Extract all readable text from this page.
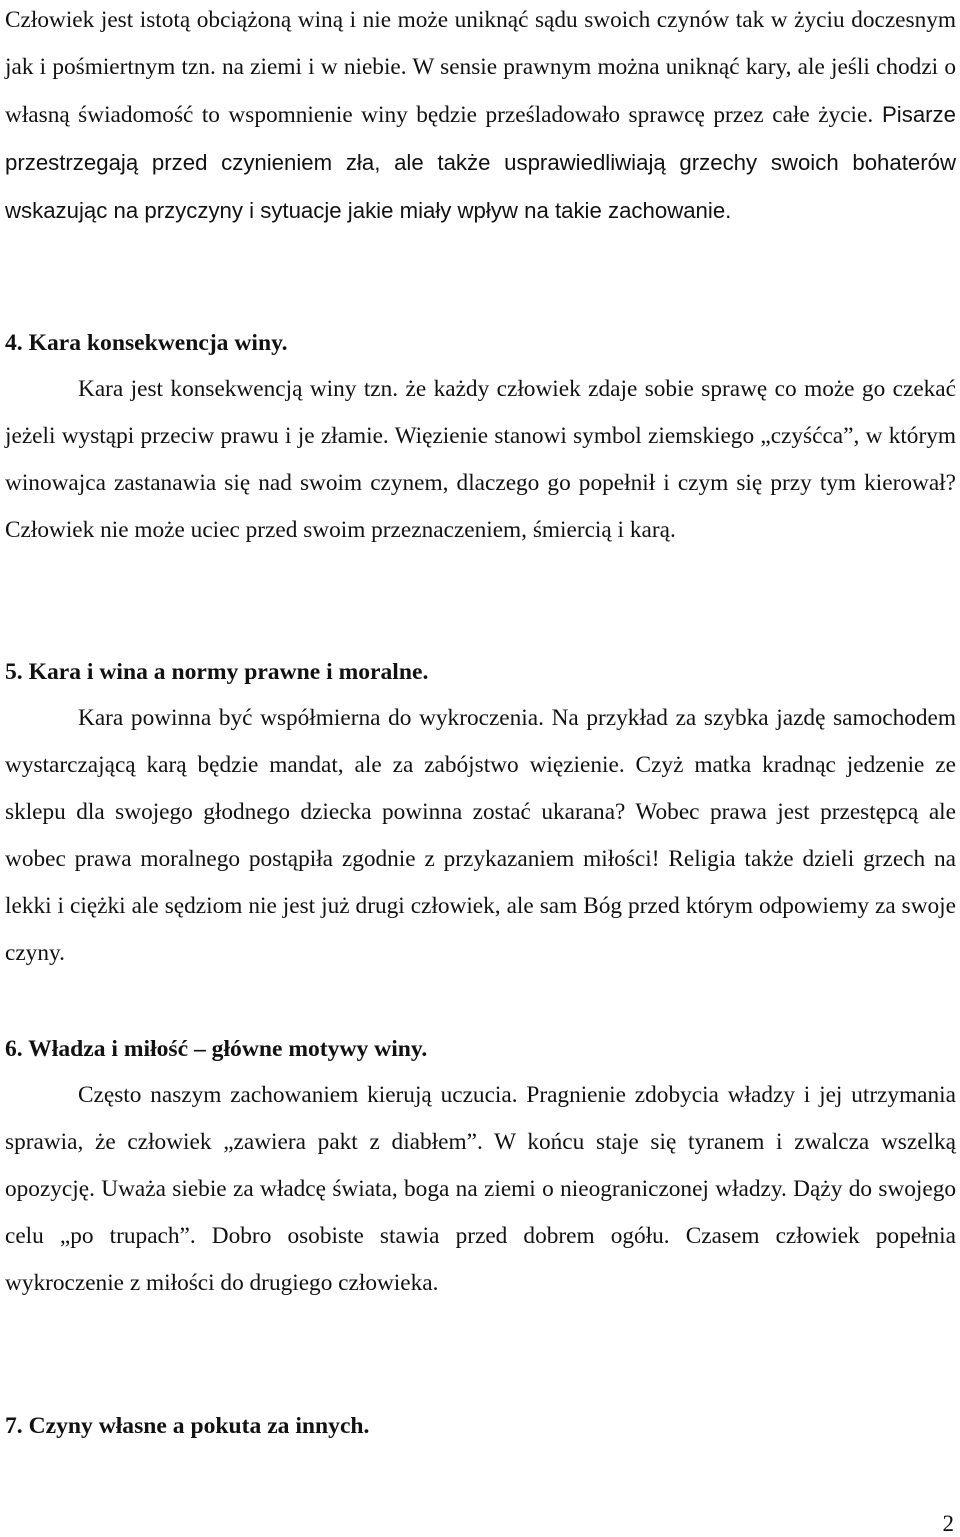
Człowiek jest istotą obciążoną winą i nie może uniknąć sądu swoich czynów tak w życiu doczesnym jak i pośmiertnym tzn. na ziemi i w niebie. W sensie prawnym można uniknąć kary, ale jeśli chodzi o własną świadomość to wspomnienie winy będzie prześladowało sprawcę przez całe życie. Pisarze przestrzegają przed czynieniem zła, ale także usprawiedliwiają grzechy swoich bohaterów wskazując na przyczyny i sytuacje jakie miały wpływ na takie zachowanie.

4. Kara konsekwencja winy.

Kara jest konsekwencją winy tzn. że każdy człowiek zdaje sobie sprawę co może go czekać jeżeli wystąpi przeciw prawu i je złamie. Więzienie stanowi symbol ziemskiego „czyśćca”, w którym winowajca zastanawia się nad swoim czynem, dlaczego go popełnił i czym się przy tym kierował? Człowiek nie może uciec przed swoim przeznaczeniem, śmiercią i karą.

5. Kara i wina a normy prawne i moralne.

Kara powinna być współmierna do wykroczenia. Na przykład za szybka jazdę samochodem wystarczającą karą będzie mandat, ale za zabójstwo więzienie. Czyż matka kradnąc jedzenie ze sklepu dla swojego głodnego dziecka powinna zostać ukarana? Wobec prawa jest przestępcą ale wobec prawa moralnego postąpiła zgodnie z przykazaniem miłości! Religia także dzieli grzech na lekki i ciężki ale sędziom nie jest już drugi człowiek, ale sam Bóg przed którym odpowiemy za swoje czyny.

6. Władza i miłość – główne motywy winy.

Często naszym zachowaniem kierują uczucia. Pragnienie zdobycia władzy i jej utrzymania sprawia, że człowiek „zawiera pakt z diabłem”. W końcu staje się tyranem i zwalcza wszelką opozycję. Uważa siebie za władcę świata, boga na ziemi o nieograniczonej władzy. Dąży do swojego celu „po trupach”. Dobro osobiste stawia przed dobrem ogółu. Czasem człowiek popełnia wykroczenie z miłości do drugiego człowieka.

7. Czyny własne a pokuta za innych.
2
